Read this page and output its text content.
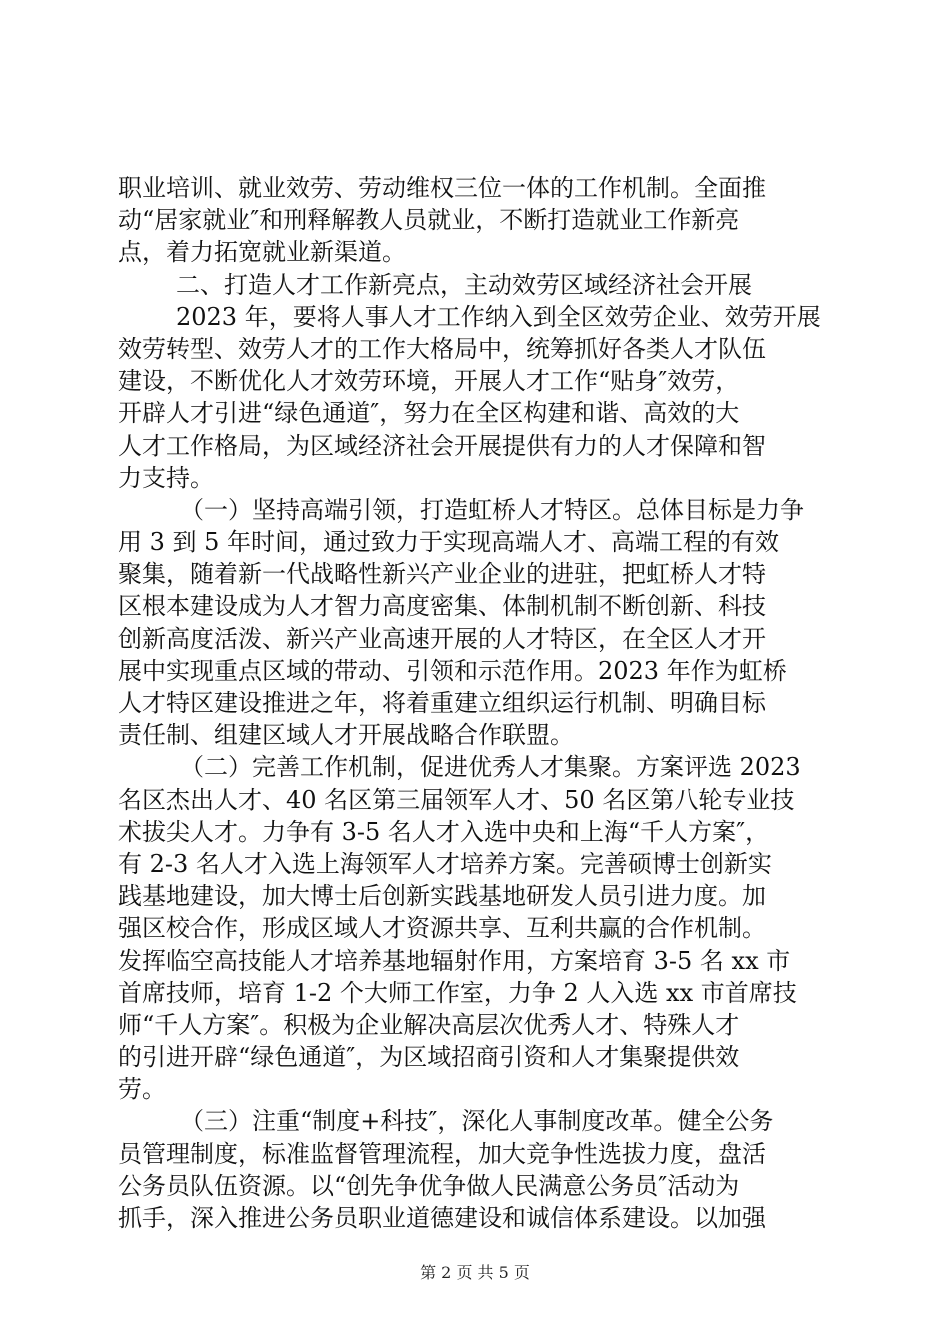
职业培训、就业效劳、劳动维权三位一体的工作机制。全面推

动“居家就业″和刑释解教人员就业，不断打造就业工作新亮

点，着力拓宽就业新渠道。

二、打造人才工作新亮点，主动效劳区域经济社会开展

2023 年，要将人事人才工作纳入到全区效劳企业、效劳开展

效劳转型、效劳人才的工作大格局中，统筹抓好各类人才队伍

建设，不断优化人才效劳环境，开展人才工作“贴身″效劳，

开辟人才引进“绿色通道″，努力在全区构建和谐、高效的大

人才工作格局，为区域经济社会开展提供有力的人才保障和智

力支持。

（一）坚持高端引领，打造虹桥人才特区。总体目标是力争

用 3 到 5 年时间，通过致力于实现高端人才、高端工程的有效

聚集，随着新一代战略性新兴产业企业的进驻，把虹桥人才特

区根本建设成为人才智力高度密集、体制机制不断创新、科技

创新高度活泼、新兴产业高速开展的人才特区，在全区人才开

展中实现重点区域的带动、引领和示范作用。2023 年作为虹桥

人才特区建设推进之年，将着重建立组织运行机制、明确目标

责任制、组建区域人才开展战略合作联盟。

（二）完善工作机制，促进优秀人才集聚。方案评选 2023

名区杰出人才、40 名区第三届领军人才、50 名区第八轮专业技

术拔尖人才。力争有 3-5 名人才入选中央和上海“千人方案″，

有 2-3 名人才入选上海领军人才培养方案。完善硕博士创新实

践基地建设，加大博士后创新实践基地研发人员引进力度。加

强区校合作，形成区域人才资源共享、互利共赢的合作机制。

发挥临空高技能人才培养基地辐射作用，方案培育 3-5 名 xx 市

首席技师，培育 1-2 个大师工作室，力争 2 人入选 xx 市首席技

师“千人方案″。积极为企业解决高层次优秀人才、特殊人才

的引进开辟“绿色通道″，为区域招商引资和人才集聚提供效

劳。

（三）注重“制度+科技″，深化人事制度改革。健全公务

员管理制度，标准监督管理流程，加大竞争性选拔力度，盘活

公务员队伍资源。以“创先争优争做人民满意公务员″活动为

抓手，深入推进公务员职业道德建设和诚信体系建设。以加强

第 2 页 共 5 页
